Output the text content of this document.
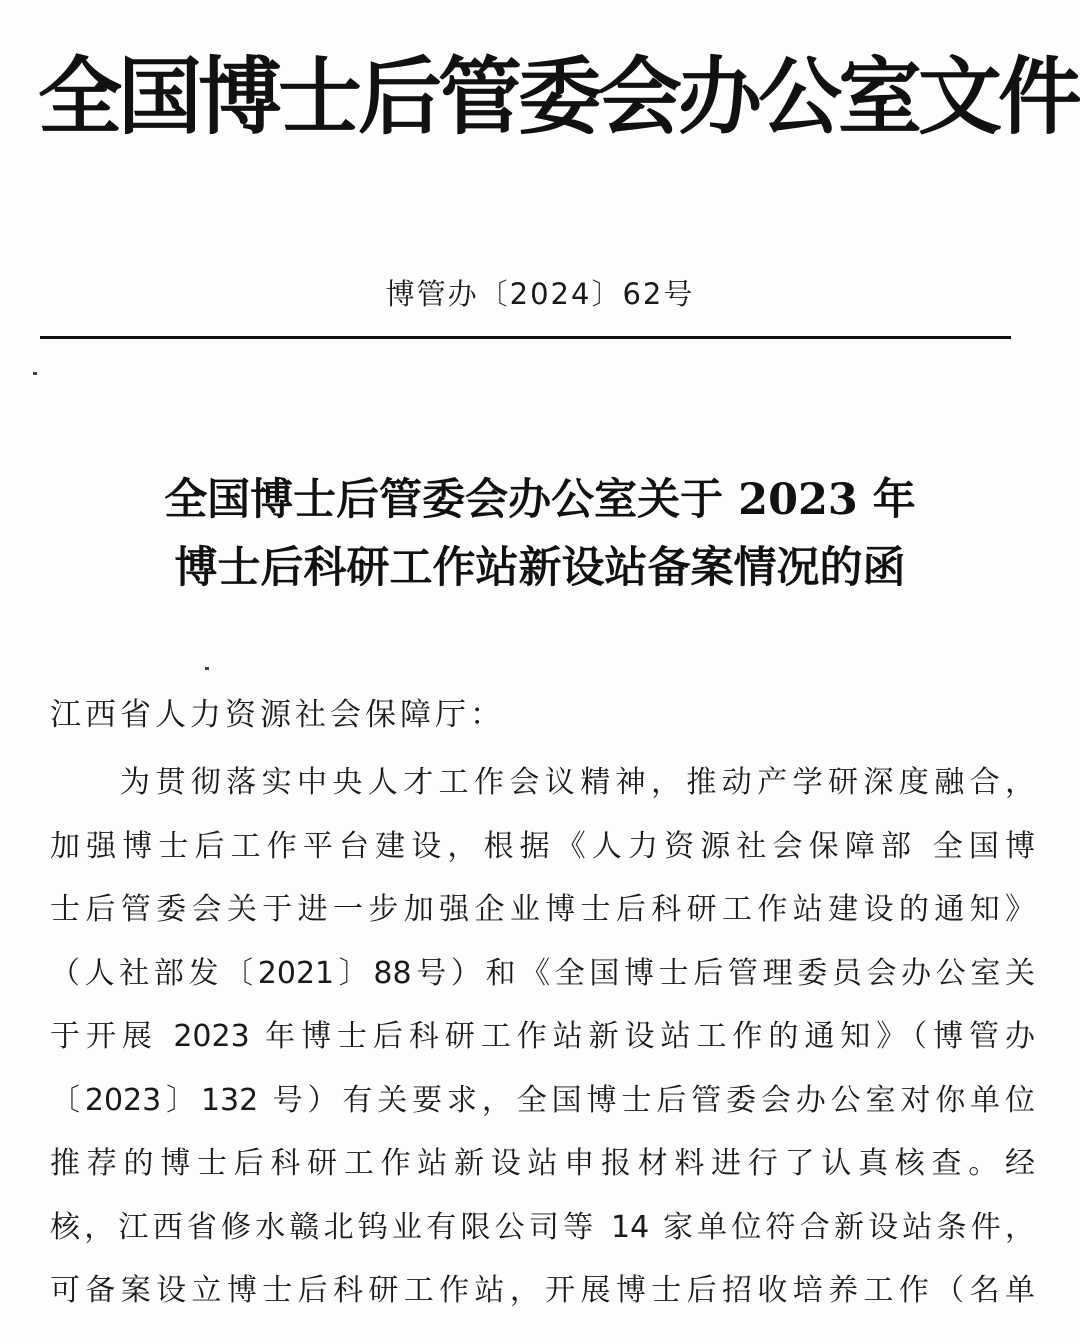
全国博士后管委会办公室文件
博管办〔2024〕62号
全国博士后管委会办公室关于 2023 年
博士后科研工作站新设站备案情况的函
江西省人力资源社会保障厅：
为贯彻落实中央人才工作会议精神，推动产学研深度融合，
加强博士后工作平台建设，根据《人力资源社会保障部 全国博
士后管委会关于进一步加强企业博士后科研工作站建设的通知》
（人社部发〔2021〕88号）和《全国博士后管理委员会办公室关
于开展 2023 年博士后科研工作站新设站工作的通知》（博管办
〔2023〕132 号）有关要求，全国博士后管委会办公室对你单位
推荐的博士后科研工作站新设站申报材料进行了认真核查。经
核，江西省修水赣北钨业有限公司等 14 家单位符合新设站条件，
可备案设立博士后科研工作站，开展博士后招收培养工作（名单
